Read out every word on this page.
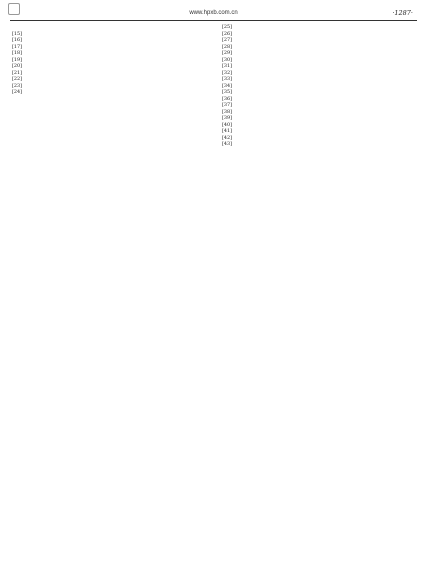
www.hpxb.com.cn	·1287·

[15]

[16]

[17]

[18]

[19]

[20]

[21]

[22]

[23]

[24]

[25]

[26]

[27]

[28]

[29]

[30]

[31]

[32]

[33]

[34]

[35]

[36]

[37]

[38]

[39]

[40]

[41]

[42]

[43]
